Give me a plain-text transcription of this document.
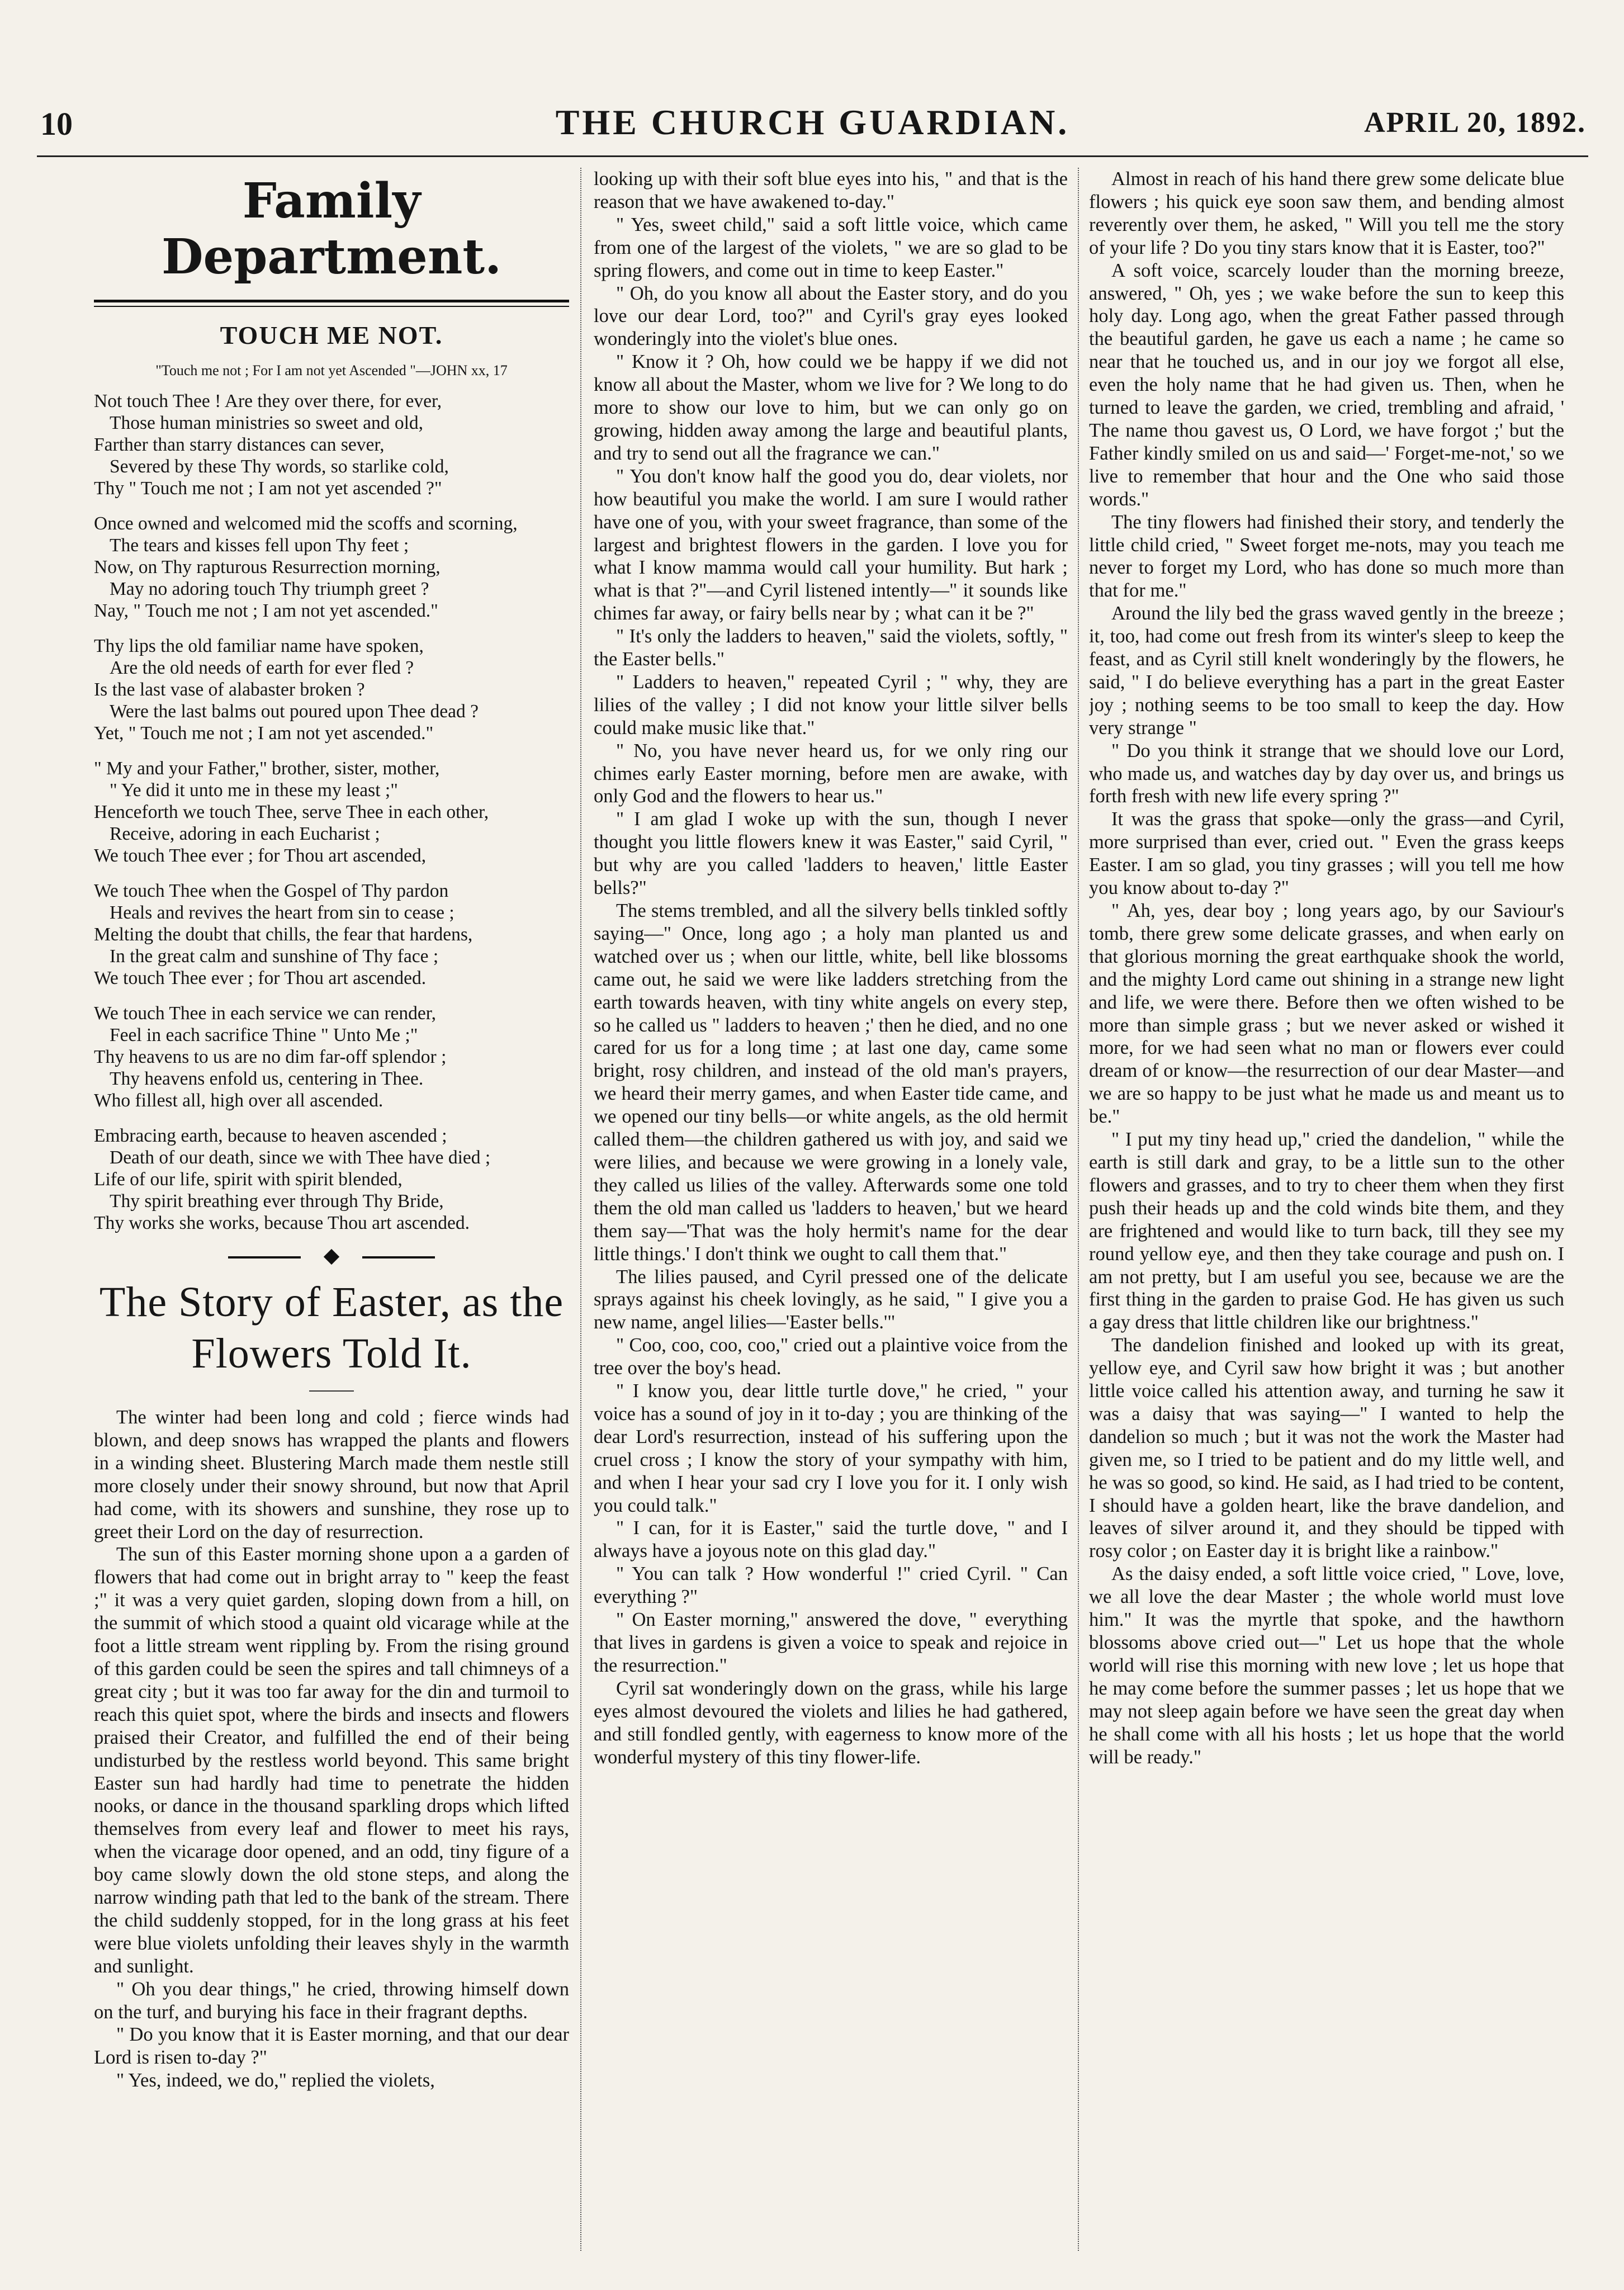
10	THE CHURCH GUARDIAN.	APRIL 20, 1892.
Family Department.
TOUCH ME NOT.
"Touch me not ; For I am not yet Ascended "—JOHN xx, 17
Not touch Thee ! Are they over there, for ever,
Those human ministries so sweet and old,
Farther than starry distances can sever,
Severed by these Thy words, so starlike cold,
Thy " Touch me not ; I am not yet ascended ?"
Once owned and welcomed mid the scoffs and scorning,
The tears and kisses fell upon Thy feet ;
Now, on Thy rapturous Resurrection morning,
May no adoring touch Thy triumph greet ?
Nay, " Touch me not ; I am not yet ascended."
Thy lips the old familiar name have spoken,
Are the old needs of earth for ever fled ?
Is the last vase of alabaster broken ?
Were the last balms out poured upon Thee dead ?
Yet, " Touch me not ; I am not yet ascended."
" My and your Father," brother, sister, mother,
" Ye did it unto me in these my least ;"
Henceforth we touch Thee, serve Thee in each other,
Receive, adoring in each Eucharist ;
We touch Thee ever ; for Thou art ascended,
We touch Thee when the Gospel of Thy pardon
Heals and revives the heart from sin to cease ;
Melting the doubt that chills, the fear that hardens,
In the great calm and sunshine of Thy face ;
We touch Thee ever ; for Thou art ascended.
We touch Thee in each service we can render,
Feel in each sacrifice Thine " Unto Me ;"
Thy heavens to us are no dim far-off splendor ;
Thy heavens enfold us, centering in Thee.
Who fillest all, high over all ascended.
Embracing earth, because to heaven ascended ;
Death of our death, since we with Thee have died ;
Life of our life, spirit with spirit blended,
Thy spirit breathing ever through Thy Bride,
Thy works she works, because Thou art ascended.
The Story of Easter, as the
Flowers Told It.

The winter had been long and cold ; fierce winds had blown, and deep snows has wrapped the plants and flowers in a winding sheet. Blustering March made them nestle still more closely under their snowy shround, but now that April had come, with its showers and sunshine, they rose up to greet their Lord on the day of resurrection.

The sun of this Easter morning shone upon a a garden of flowers that had come out in bright array to " keep the feast ;" it was a very quiet garden, sloping down from a hill, on the summit of which stood a quaint old vicarage while at the foot a little stream went rippling by. From the rising ground of this garden could be seen the spires and tall chimneys of a great city ; but it was too far away for the din and turmoil to reach this quiet spot, where the birds and insects and flowers praised their Creator, and fulfilled the end of their being undisturbed by the restless world beyond. This same bright Easter sun had hardly had time to penetrate the hidden nooks, or dance in the thousand sparkling drops which lifted themselves from every leaf and flower to meet his rays, when the vicarage door opened, and an odd, tiny figure of a boy came slowly down the old stone steps, and along the narrow winding path that led to the bank of the stream. There the child suddenly stopped, for in the long grass at his feet were blue violets unfolding their leaves shyly in the warmth and sunlight.

" Oh you dear things," he cried, throwing himself down on the turf, and burying his face in their fragrant depths.

" Do you know that it is Easter morning, and that our dear Lord is risen to-day ?"

" Yes, indeed, we do," replied the violets,

looking up with their soft blue eyes into his, " and that is the reason that we have awakened to-day."

" Yes, sweet child," said a soft little voice, which came from one of the largest of the violets, " we are so glad to be spring flowers, and come out in time to keep Easter."

" Oh, do you know all about the Easter story, and do you love our dear Lord, too?" and Cyril's gray eyes looked wonderingly into the violet's blue ones.

" Know it ? Oh, how could we be happy if we did not know all about the Master, whom we live for ? We long to do more to show our love to him, but we can only go on growing, hidden away among the large and beautiful plants, and try to send out all the fragrance we can."

" You don't know half the good you do, dear violets, nor how beautiful you make the world. I am sure I would rather have one of you, with your sweet fragrance, than some of the largest and brightest flowers in the garden. I love you for what I know mamma would call your humility. But hark ; what is that ?"—and Cyril listened intently—" it sounds like chimes far away, or fairy bells near by ; what can it be ?"

" It's only the ladders to heaven," said the violets, softly, " the Easter bells."

" Ladders to heaven," repeated Cyril ; " why, they are lilies of the valley ; I did not know your little silver bells could make music like that."

" No, you have never heard us, for we only ring our chimes early Easter morning, before men are awake, with only God and the flowers to hear us."

" I am glad I woke up with the sun, though I never thought you little flowers knew it was Easter," said Cyril, " but why are you called 'ladders to heaven,' little Easter bells?"

The stems trembled, and all the silvery bells tinkled softly saying—" Once, long ago ; a holy man planted us and watched over us ; when our little, white, bell like blossoms came out, he said we were like ladders stretching from the earth towards heaven, with tiny white angels on every step, so he called us " ladders to heaven ;' then he died, and no one cared for us for a long time ; at last one day, came some bright, rosy children, and instead of the old man's prayers, we heard their merry games, and when Easter tide came, and we opened our tiny bells—or white angels, as the old hermit called them—the children gathered us with joy, and said we were lilies, and because we were growing in a lonely vale, they called us lilies of the valley. Afterwards some one told them the old man called us 'ladders to heaven,' but we heard them say—'That was the holy hermit's name for the dear little things.' I don't think we ought to call them that."

The lilies paused, and Cyril pressed one of the delicate sprays against his cheek lovingly, as he said, " I give you a new name, angel lilies—'Easter bells.'"

" Coo, coo, coo, coo," cried out a plaintive voice from the tree over the boy's head.

" I know you, dear little turtle dove," he cried, " your voice has a sound of joy in it to-day ; you are thinking of the dear Lord's resurrection, instead of his suffering upon the cruel cross ; I know the story of your sympathy with him, and when I hear your sad cry I love you for it. I only wish you could talk."

" I can, for it is Easter," said the turtle dove, " and I always have a joyous note on this glad day."

" You can talk ? How wonderful !" cried Cyril. " Can everything ?"

" On Easter morning," answered the dove, " everything that lives in gardens is given a voice to speak and rejoice in the resurrection."

Cyril sat wonderingly down on the grass, while his large eyes almost devoured the violets and lilies he had gathered, and still fondled gently, with eagerness to know more of the wonderful mystery of this tiny flower-life.

Almost in reach of his hand there grew some delicate blue flowers ; his quick eye soon saw them, and bending almost reverently over them, he asked, " Will you tell me the story of your life ? Do you tiny stars know that it is Easter, too?"

A soft voice, scarcely louder than the morning breeze, answered, " Oh, yes ; we wake before the sun to keep this holy day. Long ago, when the great Father passed through the beautiful garden, he gave us each a name ; he came so near that he touched us, and in our joy we forgot all else, even the holy name that he had given us. Then, when he turned to leave the garden, we cried, trembling and afraid, ' The name thou gavest us, O Lord, we have forgot ;' but the Father kindly smiled on us and said—' Forget-me-not,' so we live to remember that hour and the One who said those words."

The tiny flowers had finished their story, and tenderly the little child cried, " Sweet forget me-nots, may you teach me never to forget my Lord, who has done so much more than that for me."

Around the lily bed the grass waved gently in the breeze ; it, too, had come out fresh from its winter's sleep to keep the feast, and as Cyril still knelt wonderingly by the flowers, he said, " I do believe everything has a part in the great Easter joy ; nothing seems to be too small to keep the day. How very strange "

" Do you think it strange that we should love our Lord, who made us, and watches day by day over us, and brings us forth fresh with new life every spring ?"

It was the grass that spoke—only the grass—and Cyril, more surprised than ever, cried out. " Even the grass keeps Easter. I am so glad, you tiny grasses ; will you tell me how you know about to-day ?"

" Ah, yes, dear boy ; long years ago, by our Saviour's tomb, there grew some delicate grasses, and when early on that glorious morning the great earthquake shook the world, and the mighty Lord came out shining in a strange new light and life, we were there. Before then we often wished to be more than simple grass ; but we never asked or wished it more, for we had seen what no man or flowers ever could dream of or know—the resurrection of our dear Master—and we are so happy to be just what he made us and meant us to be."

" I put my tiny head up," cried the dandelion, " while the earth is still dark and gray, to be a little sun to the other flowers and grasses, and to try to cheer them when they first push their heads up and the cold winds bite them, and they are frightened and would like to turn back, till they see my round yellow eye, and then they take courage and push on. I am not pretty, but I am useful you see, because we are the first thing in the garden to praise God. He has given us such a gay dress that little children like our brightness."

The dandelion finished and looked up with its great, yellow eye, and Cyril saw how bright it was ; but another little voice called his attention away, and turning he saw it was a daisy that was saying—" I wanted to help the dandelion so much ; but it was not the work the Master had given me, so I tried to be patient and do my little well, and he was so good, so kind. He said, as I had tried to be content, I should have a golden heart, like the brave dandelion, and leaves of silver around it, and they should be tipped with rosy color ; on Easter day it is bright like a rainbow."

As the daisy ended, a soft little voice cried, " Love, love, we all love the dear Master ; the whole world must love him." It was the myrtle that spoke, and the hawthorn blossoms above cried out—" Let us hope that the whole world will rise this morning with new love ; let us hope that he may come before the summer passes ; let us hope that we may not sleep again before we have seen the great day when he shall come with all his hosts ; let us hope that the world will be ready."
